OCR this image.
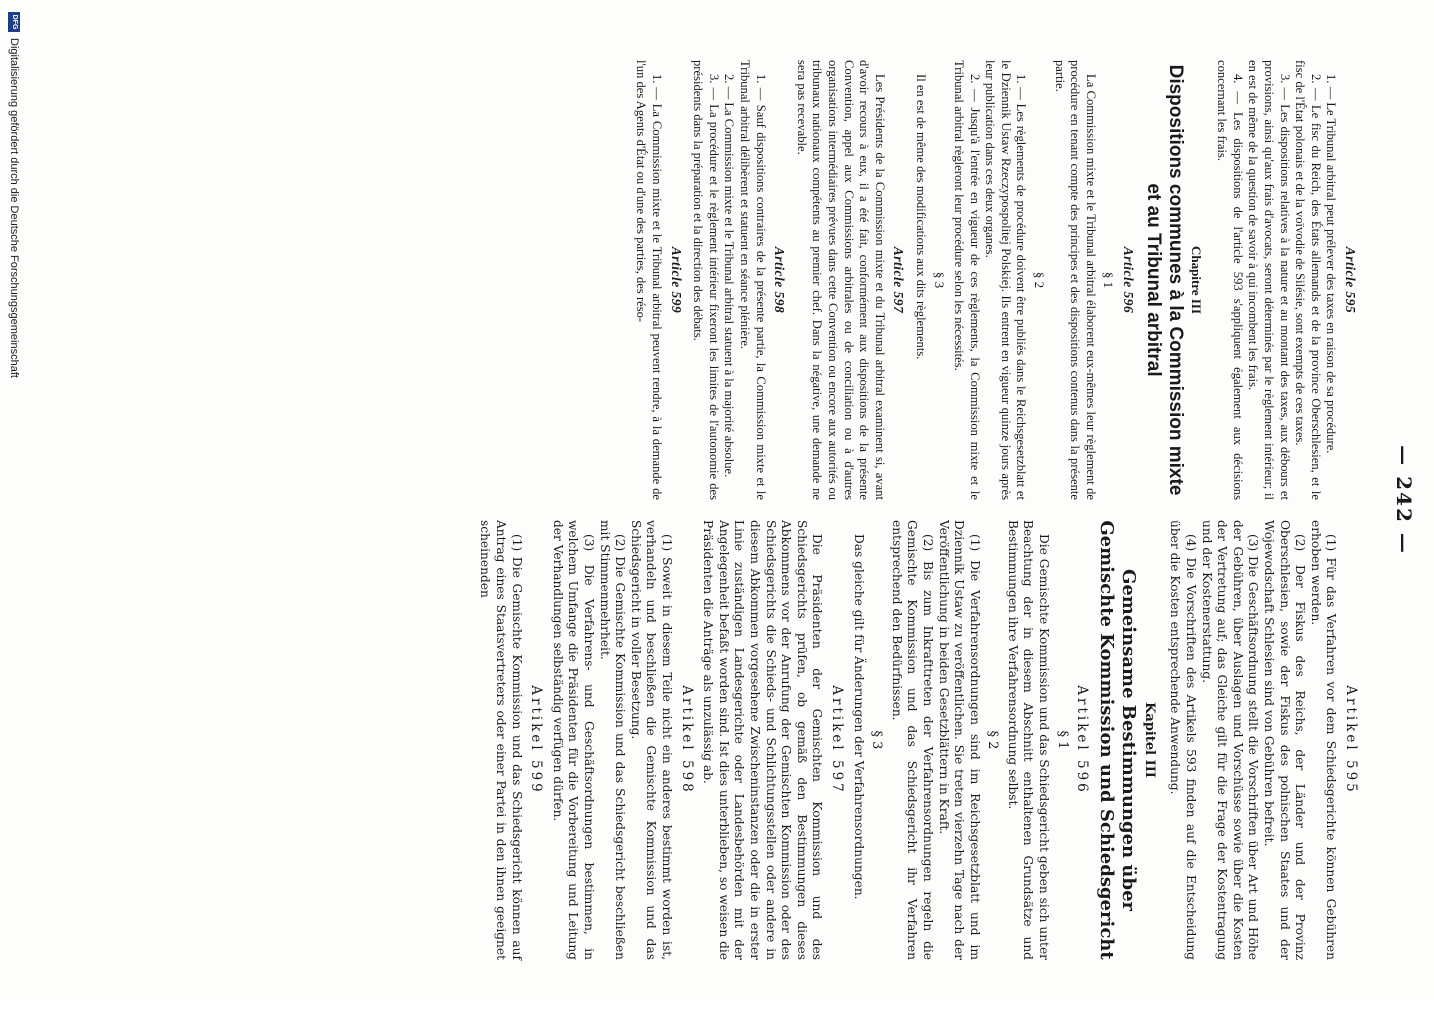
— 242 —
Article 595

1. — Le Tribunal arbitral peut prélever des taxes en raison de sa procédure.

2. — Le fisc du Reich, des États allemands et de la province Oberschlesien, et le fisc de l'État polonais et de la voïvodie de Silésie, sont exempts de ces taxes.

3. — Les dispositions relatives à la nature et au montant des taxes, aux débours et provisions, ainsi qu'aux frais d'avocats, seront déterminés par le règlement intérieur; il en est de même de la question de savoir à qui incombent les frais.

4. — Les dispositions de l'article 593 s'appliquent également aux décisions concernant les frais.

Chapitre III
Dispositions communes à la Commission mixte et au Tribunal arbitral
Article 596
§ 1

La Commission mixte et le Tribunal arbitral élaborent eux-mêmes leur règlement de procédure en tenant compte des principes et des dispositions contenus dans la présente partie.

§ 2

1. — Les règlements de procédure doivent être publiés dans le Reichsgesetzblatt et le Dziennik Ustaw Rzeczypospolitej Polskiej. Ils entrent en vigueur quinze jours après leur publication dans ces deux organes.

2. — Jusqu'à l'entrée en vigueur de ces règlements, la Commission mixte et le Tribunal arbitral règleront leur procédure selon les nécessités.

§ 3

Il en est de même des modifications aux dits règlements.

Article 597

Les Présidents de la Commission mixte et du Tribunal arbitral examinent si, avant d'avoir recours à eux, il a été fait, conformément aux dispositions de la présente Convention, appel aux Commissions arbitrales ou de conciliation ou à d'autres organisations intermédiaires prévues dans cette Convention ou encore aux autorités ou tribunaux nationaux compétents au premier chef. Dans la négative, une demande ne sera pas recevable.

Article 598

1. — Sauf dispositions contraires de la présente partie, la Commission mixte et le Tribunal arbitral délibèrent et statuent en séance plénière.

2. — La Commission mixte et le Tribunal arbitral statuent à la majorité absolue.

3. — La procédure et le règlement intérieur fixeront les limites de l'autonomie des présidents dans la préparation et la direction des débats.

Article 599

1. — La Commission mixte et le Tribunal arbitral peuvent rendre, à la demande de l'un des Agents d'État ou d'une des parties, des réso-

Artikel 595

(1) Für das Verfahren vor dem Schiedsgerichte können Gebühren erhoben werden.

(2) Der Fiskus des Reichs, der Länder und der Provinz Oberschlesien, sowie der Fiskus des polnischen Staates und der Wojewodschaft Schlesien sind von Gebühren befreit.

(3) Die Geschäftsordnung stellt die Vorschriften über Art und Höhe der Gebühren, über Auslagen und Vorschüsse sowie über die Kosten der Vertretung auf; das Gleiche gilt für die Frage der Kostentragung und der Kostenerstattung.

(4) Die Vorschriften des Artikels 593 finden auf die Entscheidung über die Kosten entsprechende Anwendung.

Kapitel III
Gemeinsame Bestimmungen über Gemischte Kommission und Schiedsgericht
Artikel 596
§ 1

Die Gemischte Kommission und das Schiedsgericht geben sich unter Beachtung der in diesem Abschnitt enthaltenen Grundsätze und Bestimmungen ihre Verfahrensordnung selbst.

§ 2

(1) Die Verfahrensordnungen sind im Reichsgesetzblatt und im Dziennik Ustaw zu veröffentlichen. Sie treten vierzehn Tage nach der Veröffentlichung in beiden Gesetzblättern in Kraft.

(2) Bis zum Inkrafttreten der Verfahrensordnungen regeln die Gemischte Kommission und das Schiedsgericht ihr Verfahren entsprechend den Bedürfnissen.

§ 3

Das gleiche gilt für Änderungen der Verfahrensordnungen.

Artikel 597

Die Präsidenten der Gemischten Kommission und des Schiedsgerichts prüfen, ob gemäß den Bestimmungen dieses Abkommens vor der Anrufung der Gemischten Kommission oder des Schiedsgerichts die Schieds- und Schlichtungsstellen oder andere in diesem Abkommen vorgesehene Zwischeninstanzen oder die in erster Linie zuständigen Landesgerichte oder Landesbehörden mit der Angelegenheit befaßt worden sind. Ist dies unterblieben, so weisen die Präsidenten die Anträge als unzulässig ab.

Artikel 598

(1) Soweit in diesem Teile nicht ein anderes bestimmt worden ist, verhandeln und beschließen die Gemischte Kommission und das Schiedsgericht in voller Besetzung.

(2) Die Gemischte Kommission und das Schiedsgericht beschließen mit Stimmenmehrheit.

(3) Die Verfahrens- und Geschäftsordnungen bestimmen, in welchem Umfange die Präsidenten für die Vorbereitung und Leitung der Verhandlungen selbständig verfügen dürfen.

Artikel 599

(1) Die Gemischte Kommission und das Schiedsgericht können auf Antrag eines Staatsvertreters oder einer Partei in den ihnen geeignet scheinenden

DFG
Digitalisierung gefördert durch die Deutsche Forschungsgemeinschaft
